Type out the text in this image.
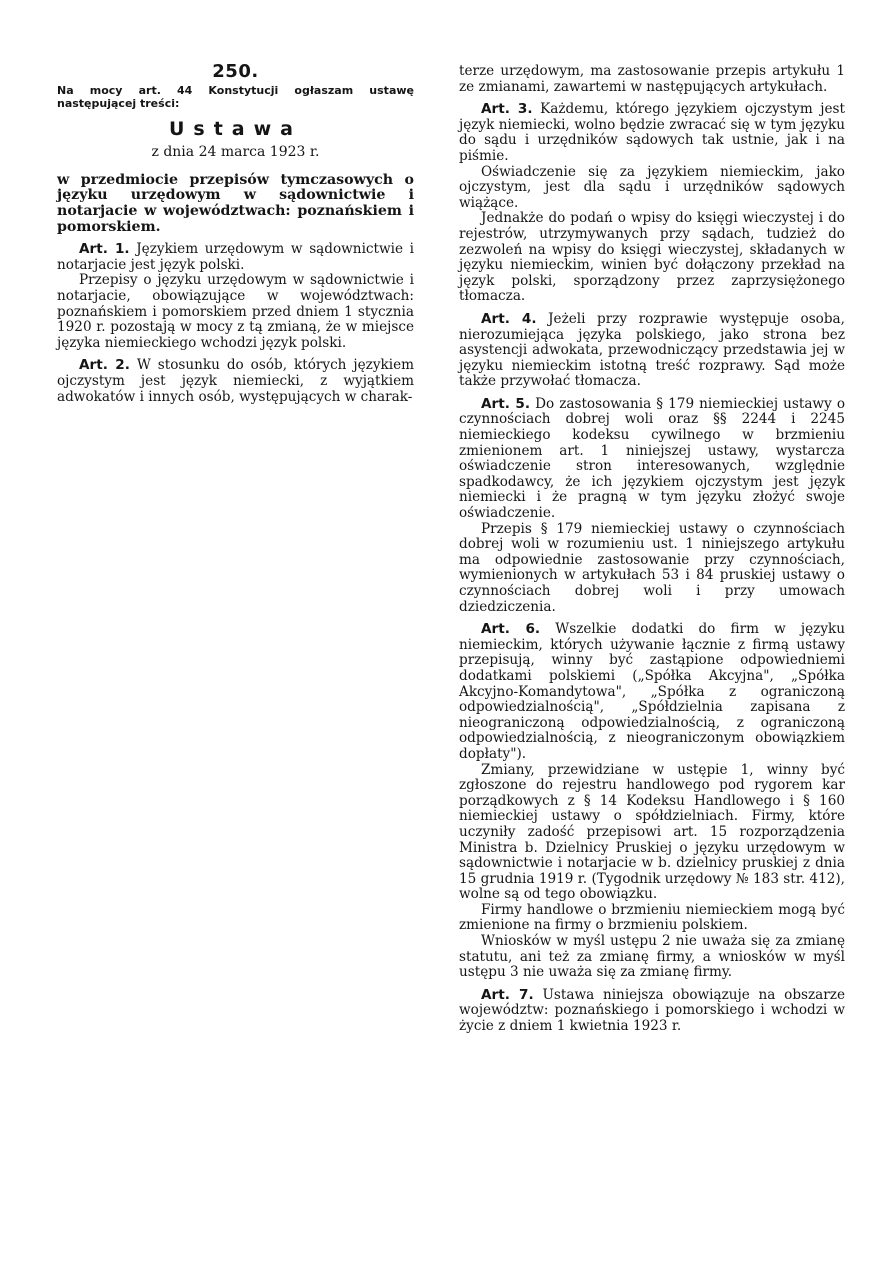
250.

Na mocy art. 44 Konstytucji ogłaszam ustawę następującej treści:

Ustawa

z dnia 24 marca 1923 r.

w przedmiocie przepisów tymczasowych o języku urzędowym w sądownictwie i notarjacie w województwach: poznańskiem i pomorskiem.

Art. 1. Językiem urzędowym w sądownictwie i notarjacie jest język polski.

Przepisy o języku urzędowym w sądownictwie i notarjacie, obowiązujące w województwach: poznańskiem i pomorskiem przed dniem 1 stycznia 1920 r. pozostają w mocy z tą zmianą, że w miejsce języka niemieckiego wchodzi język polski.

Art. 2. W stosunku do osób, których językiem ojczystym jest język niemiecki, z wyjątkiem adwokatów i innych osób, występujących w charak-

terze urzędowym, ma zastosowanie przepis artykułu 1 ze zmianami, zawartemi w następujących artykułach.

Art. 3. Każdemu, którego językiem ojczystym jest język niemiecki, wolno będzie zwracać się w tym języku do sądu i urzędników sądowych tak ustnie, jak i na piśmie.

Oświadczenie się za językiem niemieckim, jako ojczystym, jest dla sądu i urzędników sądowych wiążące.

Jednakże do podań o wpisy do księgi wieczystej i do rejestrów, utrzymywanych przy sądach, tudzież do zezwoleń na wpisy do księgi wieczystej, składanych w języku niemieckim, winien być dołączony przekład na język polski, sporządzony przez zaprzysiężonego tłomacza.

Art. 4. Jeżeli przy rozprawie występuje osoba, nierozumiejąca języka polskiego, jako strona bez asystencji adwokata, przewodniczący przedstawia jej w języku niemieckim istotną treść rozprawy. Sąd może także przywołać tłomacza.

Art. 5. Do zastosowania § 179 niemieckiej ustawy o czynnościach dobrej woli oraz §§ 2244 i 2245 niemieckiego kodeksu cywilnego w brzmieniu zmienionem art. 1 niniejszej ustawy, wystarcza oświadczenie stron interesowanych, względnie spadkodawcy, że ich językiem ojczystym jest język niemiecki i że pragną w tym języku złożyć swoje oświadczenie.

Przepis § 179 niemieckiej ustawy o czynnościach dobrej woli w rozumieniu ust. 1 niniejszego artykułu ma odpowiednie zastosowanie przy czynnościach, wymienionych w artykułach 53 i 84 pruskiej ustawy o czynnościach dobrej woli i przy umowach dziedziczenia.

Art. 6. Wszelkie dodatki do firm w języku niemieckim, których używanie łącznie z firmą ustawy przepisują, winny być zastąpione odpowiedniemi dodatkami polskiemi („Spółka Akcyjna", „Spółka Akcyjno-Komandytowa", „Spółka z ograniczoną odpowiedzialnością", „Spółdzielnia zapisana z nieograniczoną odpowiedzialnością, z ograniczoną odpowiedzialnością, z nieograniczonym obowiązkiem dopłaty").

Zmiany, przewidziane w ustępie 1, winny być zgłoszone do rejestru handlowego pod rygorem kar porządkowych z § 14 Kodeksu Handlowego i § 160 niemieckiej ustawy o spółdzielniach. Firmy, które uczyniły zadość przepisowi art. 15 rozporządzenia Ministra b. Dzielnicy Pruskiej o języku urzędowym w sądownictwie i notarjacie w b. dzielnicy pruskiej z dnia 15 grudnia 1919 r. (Tygodnik urzędowy № 183 str. 412), wolne są od tego obowiązku.

Firmy handlowe o brzmieniu niemieckiem mogą być zmienione na firmy o brzmieniu polskiem.

Wniosków w myśl ustępu 2 nie uważa się za zmianę statutu, ani też za zmianę firmy, a wniosków w myśl ustępu 3 nie uważa się za zmianę firmy.

Art. 7. Ustawa niniejsza obowiązuje na obszarze województw: poznańskiego i pomorskiego i wchodzi w życie z dniem 1 kwietnia 1923 r.
